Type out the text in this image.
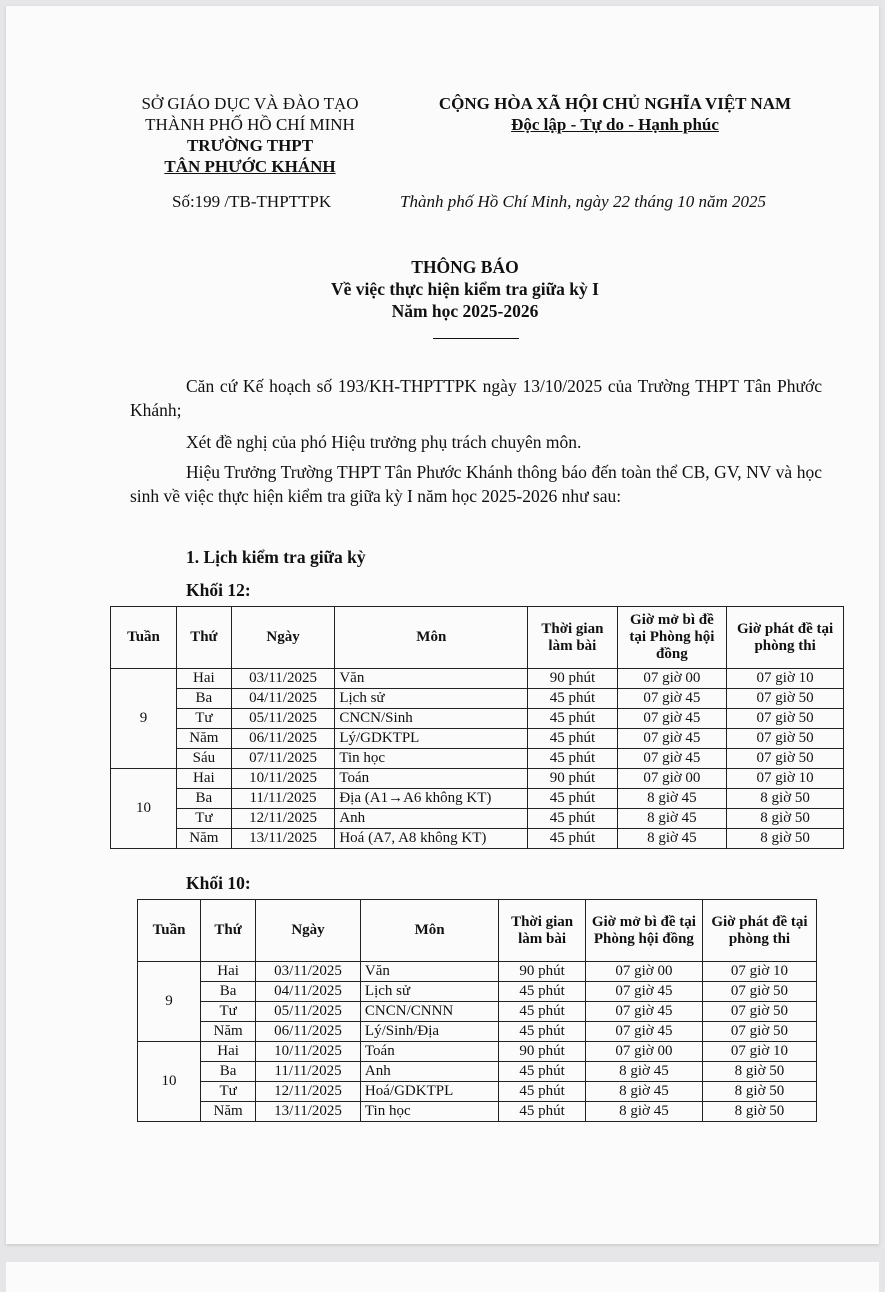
SỞ GIÁO DỤC VÀ ĐÀO TẠO
THÀNH PHỐ HỒ CHÍ MINH
TRƯỜNG THPT
TÂN PHƯỚC KHÁNH
CỘNG HÒA XÃ HỘI CHỦ NGHĨA VIỆT NAM
Độc lập - Tự do - Hạnh phúc
Số:199 /TB-THPTTPK	Thành phố Hồ Chí Minh, ngày 22 tháng 10 năm 2025
THÔNG BÁO
Về việc thực hiện kiểm tra giữa kỳ I
Năm học 2025-2026
Căn cứ Kế hoạch số 193/KH-THPTTPK ngày 13/10/2025 của Trường THPT Tân Phước Khánh;
Xét đề nghị của phó Hiệu trưởng phụ trách chuyên môn.
Hiệu Trưởng Trường THPT Tân Phước Khánh thông báo đến toàn thể CB, GV, NV và học sinh về việc thực hiện kiểm tra giữa kỳ I năm học 2025-2026 như sau:
1. Lịch kiểm tra giữa kỳ
Khối 12:
Khối 10:
Tuần	Thứ	Ngày	Môn	Thời gian làm bài	Giờ mở bì đề tại Phòng hội đồng	Giờ phát đề tại phòng thi
9	Hai	03/11/2025	Văn	90 phút	07 giờ 00	07 giờ 10
	Ba	04/11/2025	Lịch sử	45 phút	07 giờ 45	07 giờ 50
	Tư	05/11/2025	CNCN/Sinh	45 phút	07 giờ 45	07 giờ 50
	Năm	06/11/2025	Lý/GDKTPL	45 phút	07 giờ 45	07 giờ 50
	Sáu	07/11/2025	Tin học	45 phút	07 giờ 45	07 giờ 50
10	Hai	10/11/2025	Toán	90 phút	07 giờ 00	07 giờ 10
	Ba	11/11/2025	Địa (A1→A6 không KT)	45 phút	8 giờ 45	8 giờ 50
	Tư	12/11/2025	Anh	45 phút	8 giờ 45	8 giờ 50
	Năm	13/11/2025	Hoá (A7, A8 không KT)	45 phút	8 giờ 45	8 giờ 50
Tuần	Thứ	Ngày	Môn	Thời gian làm bài	Giờ mở bì đề tại Phòng hội đồng	Giờ phát đề tại phòng thi
9	Hai	03/11/2025	Văn	90 phút	07 giờ 00	07 giờ 10
	Ba	04/11/2025	Lịch sử	45 phút	07 giờ 45	07 giờ 50
	Tư	05/11/2025	CNCN/CNNN	45 phút	07 giờ 45	07 giờ 50
	Năm	06/11/2025	Lý/Sinh/Địa	45 phút	07 giờ 45	07 giờ 50
10	Hai	10/11/2025	Toán	90 phút	07 giờ 00	07 giờ 10
	Ba	11/11/2025	Anh	45 phút	8 giờ 45	8 giờ 50
	Tư	12/11/2025	Hoá/GDKTPL	45 phút	8 giờ 45	8 giờ 50
	Năm	13/11/2025	Tin học	45 phút	8 giờ 45	8 giờ 50
